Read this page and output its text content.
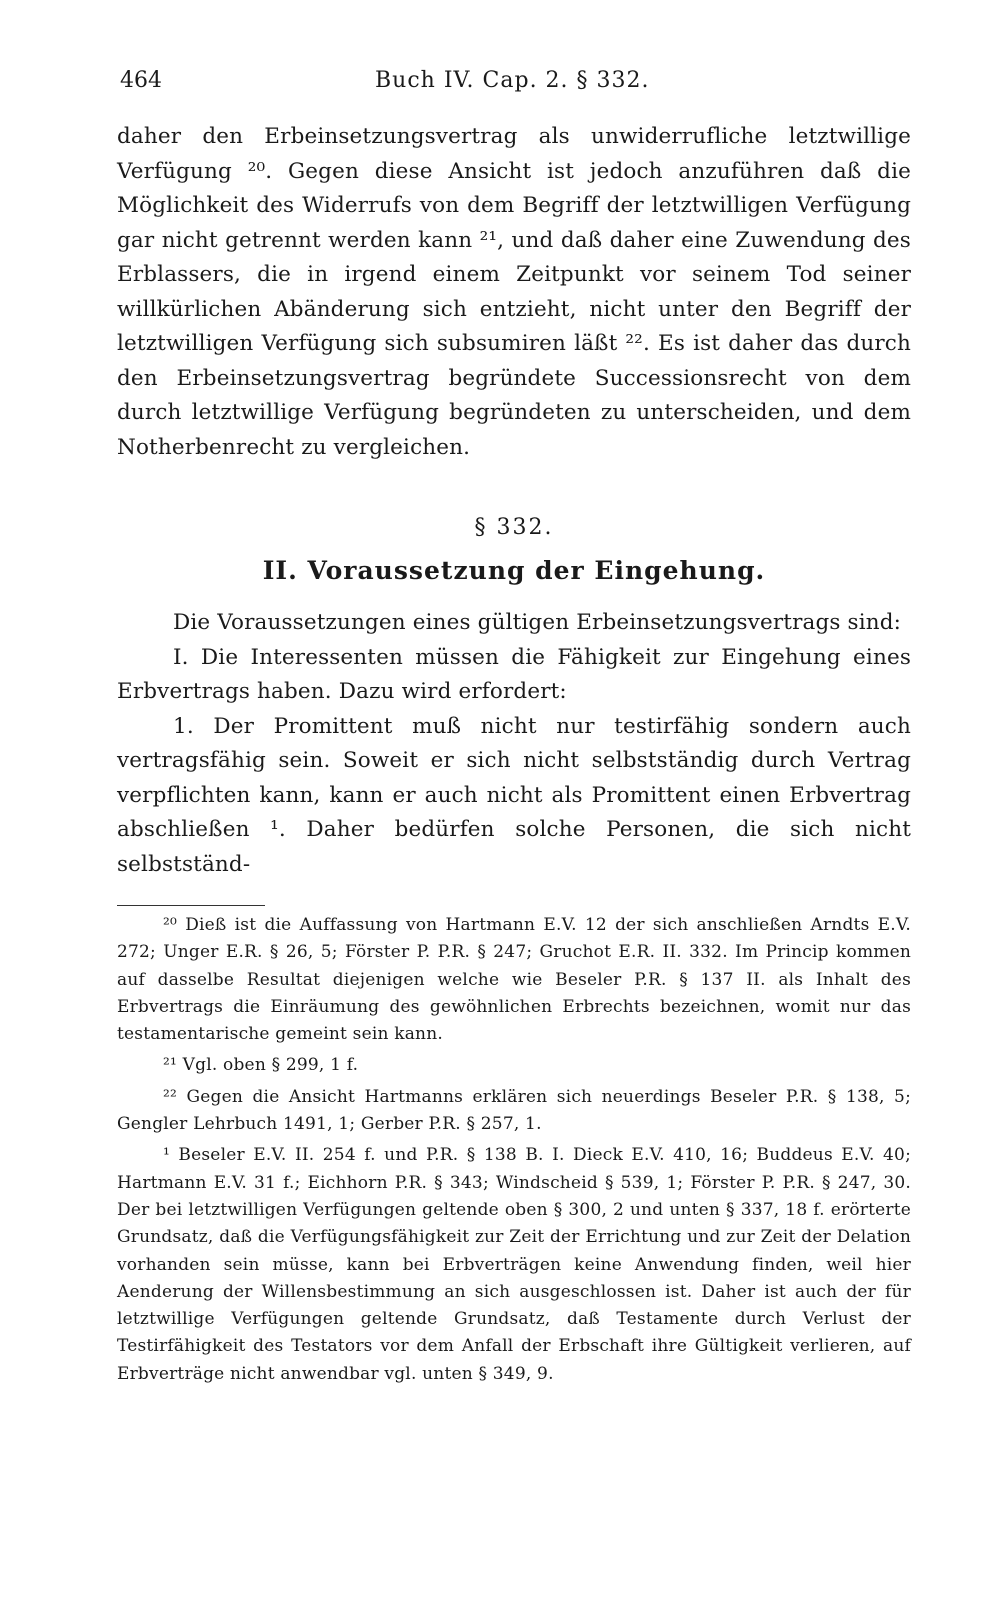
464	Buch IV. Cap. 2. § 332.

daher den Erbeinsetzungsvertrag als unwiderrufliche letztwillige Verfügung ²⁰. Gegen diese Ansicht ist jedoch anzuführen daß die Möglichkeit des Widerrufs von dem Begriff der letztwilligen Verfügung gar nicht getrennt werden kann ²¹, und daß daher eine Zuwendung des Erblassers, die in irgend einem Zeitpunkt vor seinem Tod seiner willkürlichen Abänderung sich entzieht, nicht unter den Begriff der letztwilligen Verfügung sich subsumiren läßt ²². Es ist daher das durch den Erbeinsetzungsvertrag begründete Successionsrecht von dem durch letztwillige Verfügung begründeten zu unterscheiden, und dem Notherbenrecht zu vergleichen.

§ 332.
II. Voraussetzung der Eingehung.

Die Voraussetzungen eines gültigen Erbeinsetzungsvertrags sind:

I. Die Interessenten müssen die Fähigkeit zur Eingehung eines Erbvertrags haben. Dazu wird erfordert:

1. Der Promittent muß nicht nur testirfähig sondern auch vertragsfähig sein. Soweit er sich nicht selbstständig durch Vertrag verpflichten kann, kann er auch nicht als Promittent einen Erbvertrag abschließen ¹. Daher bedürfen solche Personen, die sich nicht selbstständ-

²⁰ Dieß ist die Auffassung von Hartmann E.V. 12 der sich anschließen Arndts E.V. 272; Unger E.R. § 26, 5; Förster P. P.R. § 247; Gruchot E.R. II. 332. Im Princip kommen auf dasselbe Resultat diejenigen welche wie Beseler P.R. § 137 II. als Inhalt des Erbvertrags die Einräumung des gewöhnlichen Erbrechts bezeichnen, womit nur das testamentarische gemeint sein kann.

²¹ Vgl. oben § 299, 1 f.

²² Gegen die Ansicht Hartmanns erklären sich neuerdings Beseler P.R. § 138, 5; Gengler Lehrbuch 1491, 1; Gerber P.R. § 257, 1.

¹ Beseler E.V. II. 254 f. und P.R. § 138 B. I. Dieck E.V. 410, 16; Buddeus E.V. 40; Hartmann E.V. 31 f.; Eichhorn P.R. § 343; Windscheid § 539, 1; Förster P. P.R. § 247, 30. Der bei letztwilligen Verfügungen geltende oben § 300, 2 und unten § 337, 18 f. erörterte Grundsatz, daß die Verfügungsfähigkeit zur Zeit der Errichtung und zur Zeit der Delation vorhanden sein müsse, kann bei Erbverträgen keine Anwendung finden, weil hier Aenderung der Willensbestimmung an sich ausgeschlossen ist. Daher ist auch der für letztwillige Verfügungen geltende Grundsatz, daß Testamente durch Verlust der Testirfähigkeit des Testators vor dem Anfall der Erbschaft ihre Gültigkeit verlieren, auf Erbverträge nicht anwendbar vgl. unten § 349, 9.
